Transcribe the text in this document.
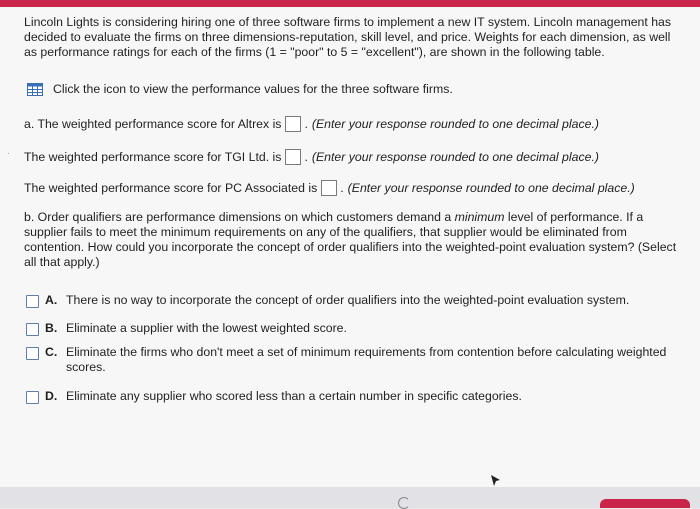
·

Lincoln Lights is considering hiring one of three software firms to implement a new IT system. Lincoln management has decided to evaluate the firms on three dimensions-reputation, skill level, and price. Weights for each dimension, as well as performance ratings for each of the firms (1 = "poor" to 5 = "excellent"), are shown in the following table.

Click the icon to view the performance values for the three software firms.
a. The weighted performance score for Altrex is . (Enter your response rounded to one decimal place.)
The weighted performance score for TGI Ltd. is . (Enter your response rounded to one decimal place.)
The weighted performance score for PC Associated is . (Enter your response rounded to one decimal place.)

b. Order qualifiers are performance dimensions on which customers demand a minimum level of performance. If a supplier fails to meet the minimum requirements on any of the qualifiers, that supplier would be eliminated from contention. How could you incorporate the concept of order qualifiers into the weighted-point evaluation system? (Select all that apply.)

A. There is no way to incorporate the concept of order qualifiers into the weighted-point evaluation system.
B. Eliminate a supplier with the lowest weighted score.
C. Eliminate the firms who don't meet a set of minimum requirements from contention before calculating weighted scores.
D. Eliminate any supplier who scored less than a certain number in specific categories.
